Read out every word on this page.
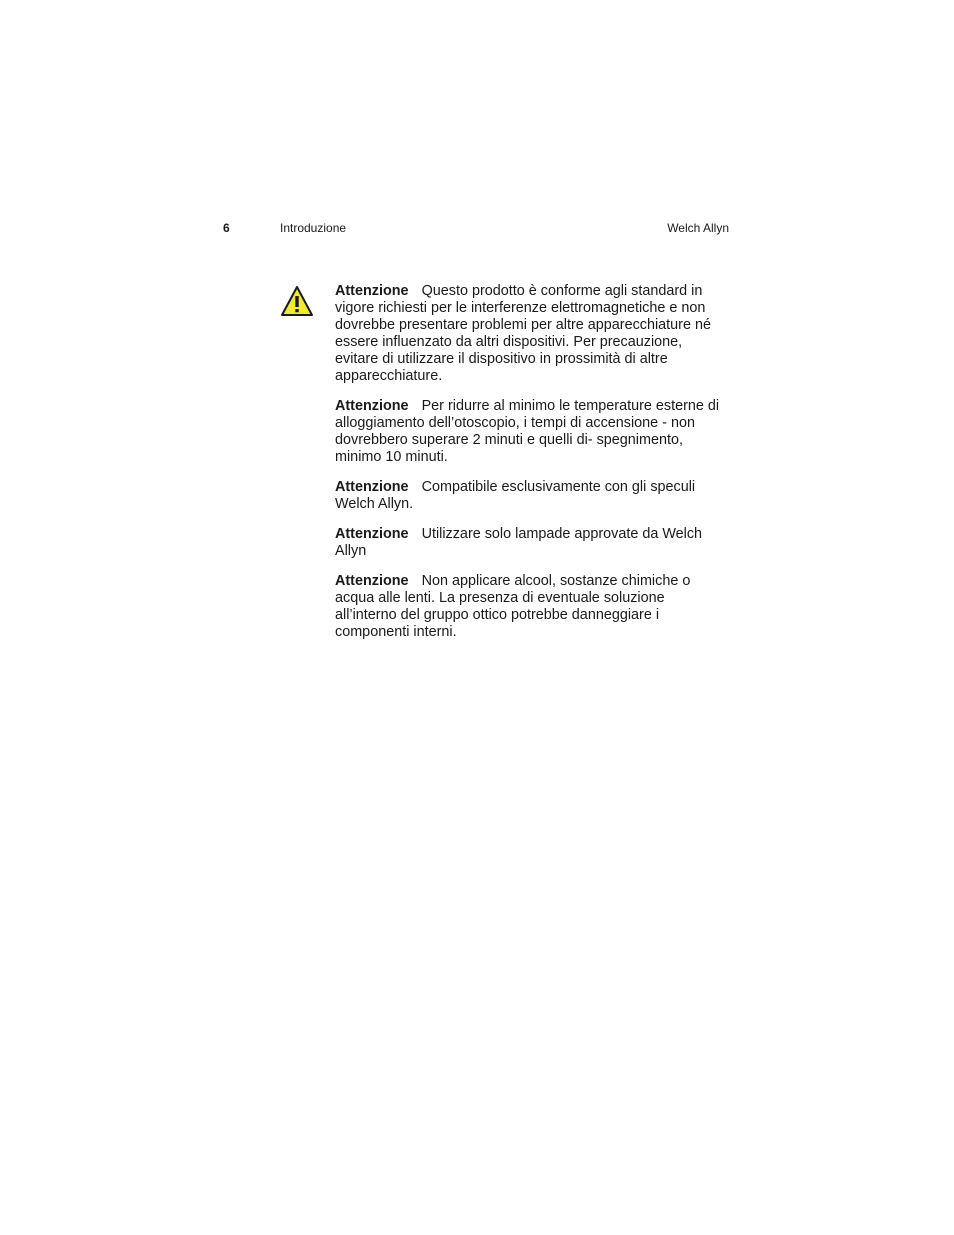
6	Introduzione	Welch Allyn

Attenzione Questo prodotto è conforme agli standard in vigore richiesti per le interferenze elettromagnetiche e non dovrebbe presentare problemi per altre apparecchiature né essere influenzato da altri dispositivi. Per precauzione, evitare di utilizzare il dispositivo in prossimità di altre apparecchiature.

Attenzione Per ridurre al minimo le temperature esterne di alloggiamento dell’otoscopio, i tempi di accensione - non dovrebbero superare 2 minuti e quelli di- spegnimento, minimo 10 minuti.

Attenzione Compatibile esclusivamente con gli speculi Welch Allyn.

Attenzione Utilizzare solo lampade approvate da Welch Allyn

Attenzione Non applicare alcool, sostanze chimiche o acqua alle lenti. La presenza di eventuale soluzione all’interno del gruppo ottico potrebbe danneggiare i componenti interni.
